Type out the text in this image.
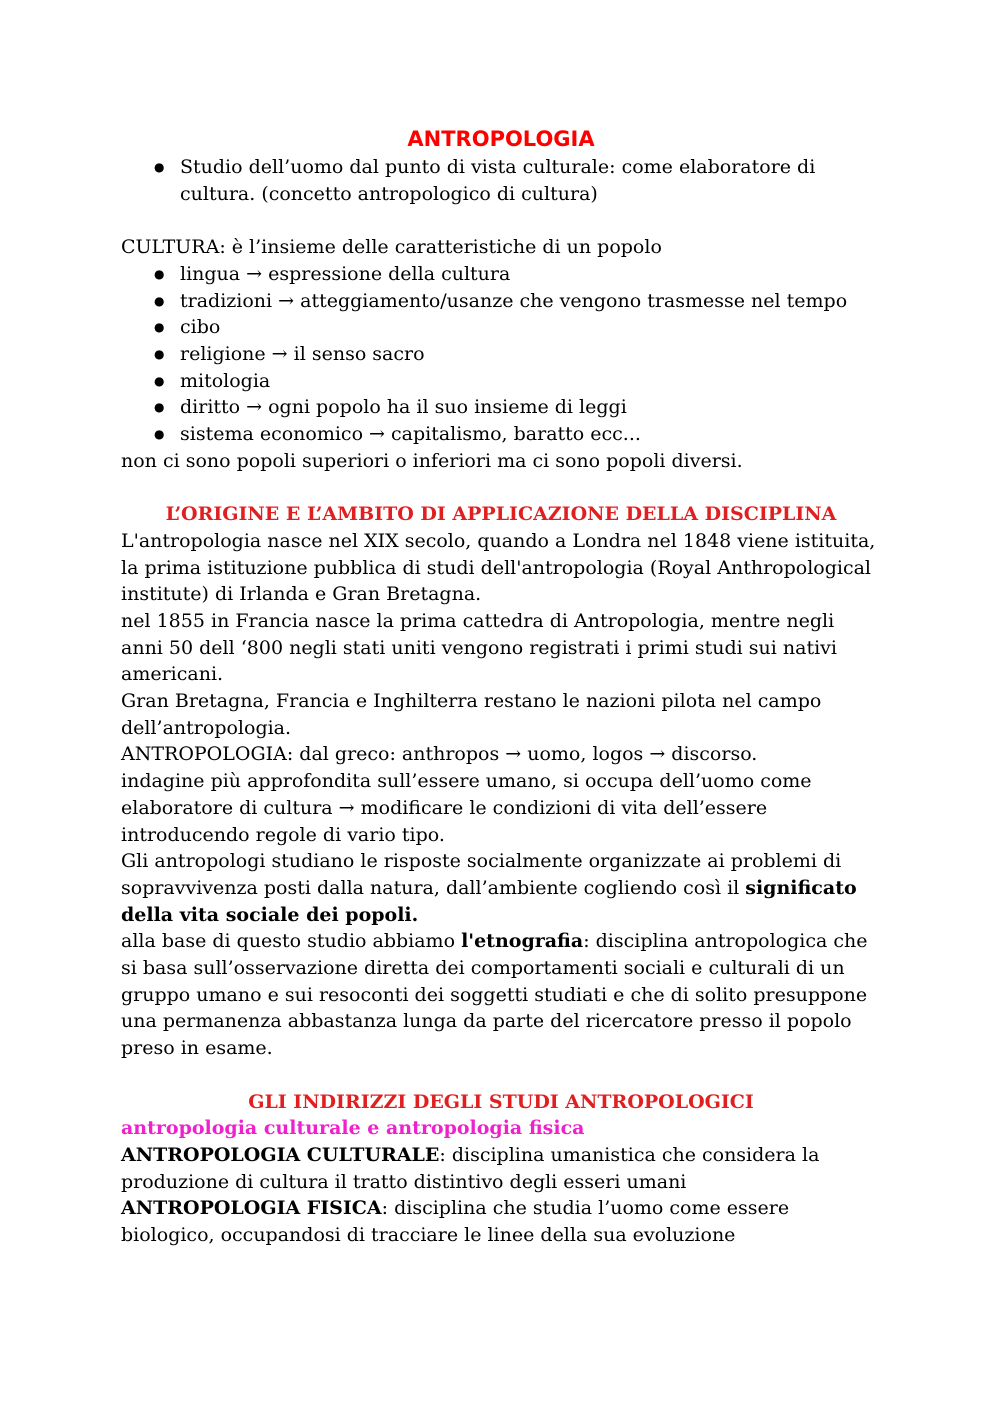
ANTROPOLOGIA
● Studio dell’uomo dal punto di vista culturale: come elaboratore di cultura. (concetto antropologico di cultura)

CULTURA: è l’insieme delle caratteristiche di un popolo

● lingua → espressione della cultura
● tradizioni → atteggiamento/usanze che vengono trasmesse nel tempo
● cibo
● religione → il senso sacro
● mitologia
● diritto → ogni popolo ha il suo insieme di leggi
● sistema economico → capitalismo, baratto ecc...

non ci sono popoli superiori o inferiori ma ci sono popoli diversi.

L’ORIGINE E L’AMBITO DI APPLICAZIONE DELLA DISCIPLINA

L'antropologia nasce nel XIX secolo, quando a Londra nel 1848 viene istituita, la prima istituzione pubblica di studi dell'antropologia (Royal Anthropological institute) di Irlanda e Gran Bretagna.

nel 1855 in Francia nasce la prima cattedra di Antropologia, mentre negli anni 50 dell ‘800 negli stati uniti vengono registrati i primi studi sui nativi americani.

Gran Bretagna, Francia e Inghilterra restano le nazioni pilota nel campo dell’antropologia.

ANTROPOLOGIA: dal greco: anthropos → uomo, logos → discorso.

indagine più approfondita sull’essere umano, si occupa dell’uomo come elaboratore di cultura → modificare le condizioni di vita dell’essere introducendo regole di vario tipo.

Gli antropologi studiano le risposte socialmente organizzate ai problemi di sopravvivenza posti dalla natura, dall’ambiente cogliendo così il significato della vita sociale dei popoli.

alla base di questo studio abbiamo l'etnografia: disciplina antropologica che si basa sull’osservazione diretta dei comportamenti sociali e culturali di un gruppo umano e sui resoconti dei soggetti studiati e che di solito presuppone una permanenza abbastanza lunga da parte del ricercatore presso il popolo preso in esame.

GLI INDIRIZZI DEGLI STUDI ANTROPOLOGICI
antropologia culturale e antropologia fisica

ANTROPOLOGIA CULTURALE: disciplina umanistica che considera la produzione di cultura il tratto distintivo degli esseri umani

ANTROPOLOGIA FISICA: disciplina che studia l’uomo come essere biologico, occupandosi di tracciare le linee della sua evoluzione
